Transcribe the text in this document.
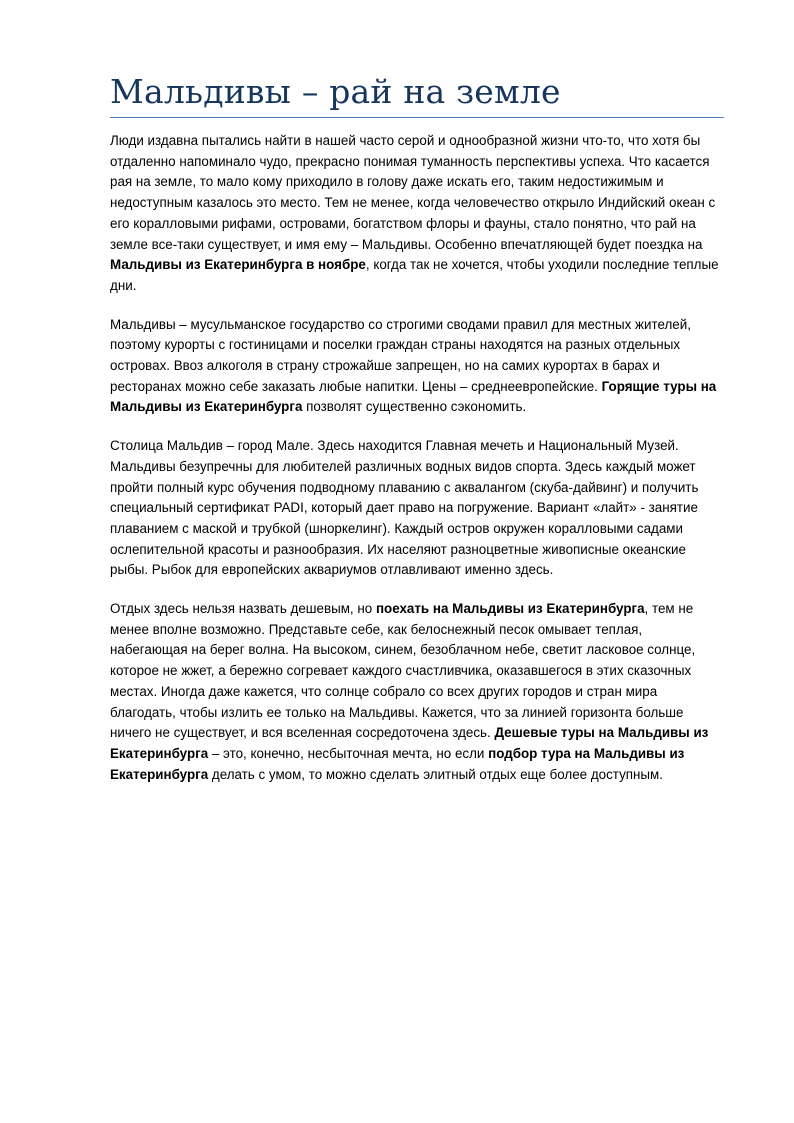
Мальдивы – рай на земле

Люди издавна пытались найти в нашей часто серой и однообразной жизни что-то, что хотя бы отдаленно напоминало чудо, прекрасно понимая туманность перспективы успеха. Что касается рая на земле, то мало кому приходило в голову даже искать его, таким недостижимым и недоступным казалось это место. Тем не менее, когда человечество открыло Индийский океан с его коралловыми рифами, островами, богатством флоры и фауны, стало понятно, что рай на земле все-таки существует, и имя ему – Мальдивы. Особенно впечатляющей будет поездка на Мальдивы из Екатеринбурга в ноябре, когда так не хочется, чтобы уходили последние теплые дни.

Мальдивы – мусульманское государство со строгими сводами правил для местных жителей, поэтому курорты с гостиницами и поселки граждан страны находятся на разных отдельных островах. Ввоз алкоголя в страну строжайше запрещен, но на самих курортах в барах и ресторанах можно себе заказать любые напитки. Цены – среднеевропейские. Горящие туры на Мальдивы из Екатеринбурга позволят существенно сэкономить.

Столица Мальдив – город Мале. Здесь находится Главная мечеть и Национальный Музей. Мальдивы безупречны для любителей различных водных видов спорта. Здесь каждый может пройти полный курс обучения подводному плаванию с аквалангом (скуба-дайвинг) и получить специальный сертификат PADI, который дает право на погружение. Вариант «лайт» - занятие плаванием с маской и трубкой (шноркелинг). Каждый остров окружен коралловыми садами ослепительной красоты и разнообразия. Их населяют разноцветные живописные океанские рыбы. Рыбок для европейских аквариумов отлавливают именно здесь.

Отдых здесь нельзя назвать дешевым, но поехать на Мальдивы из Екатеринбурга, тем не менее вполне возможно. Представьте себе, как белоснежный песок омывает теплая, набегающая на берег волна. На высоком, синем, безоблачном небе, светит ласковое солнце, которое не жжет, а бережно согревает каждого счастливчика, оказавшегося в этих сказочных местах. Иногда даже кажется, что солнце собрало со всех других городов и стран мира благодать, чтобы излить ее только на Мальдивы. Кажется, что за линией горизонта больше ничего не существует, и вся вселенная сосредоточена здесь. Дешевые туры на Мальдивы из Екатеринбурга – это, конечно, несбыточная мечта, но если подбор тура на Мальдивы из Екатеринбурга делать с умом, то можно сделать элитный отдых еще более доступным.
